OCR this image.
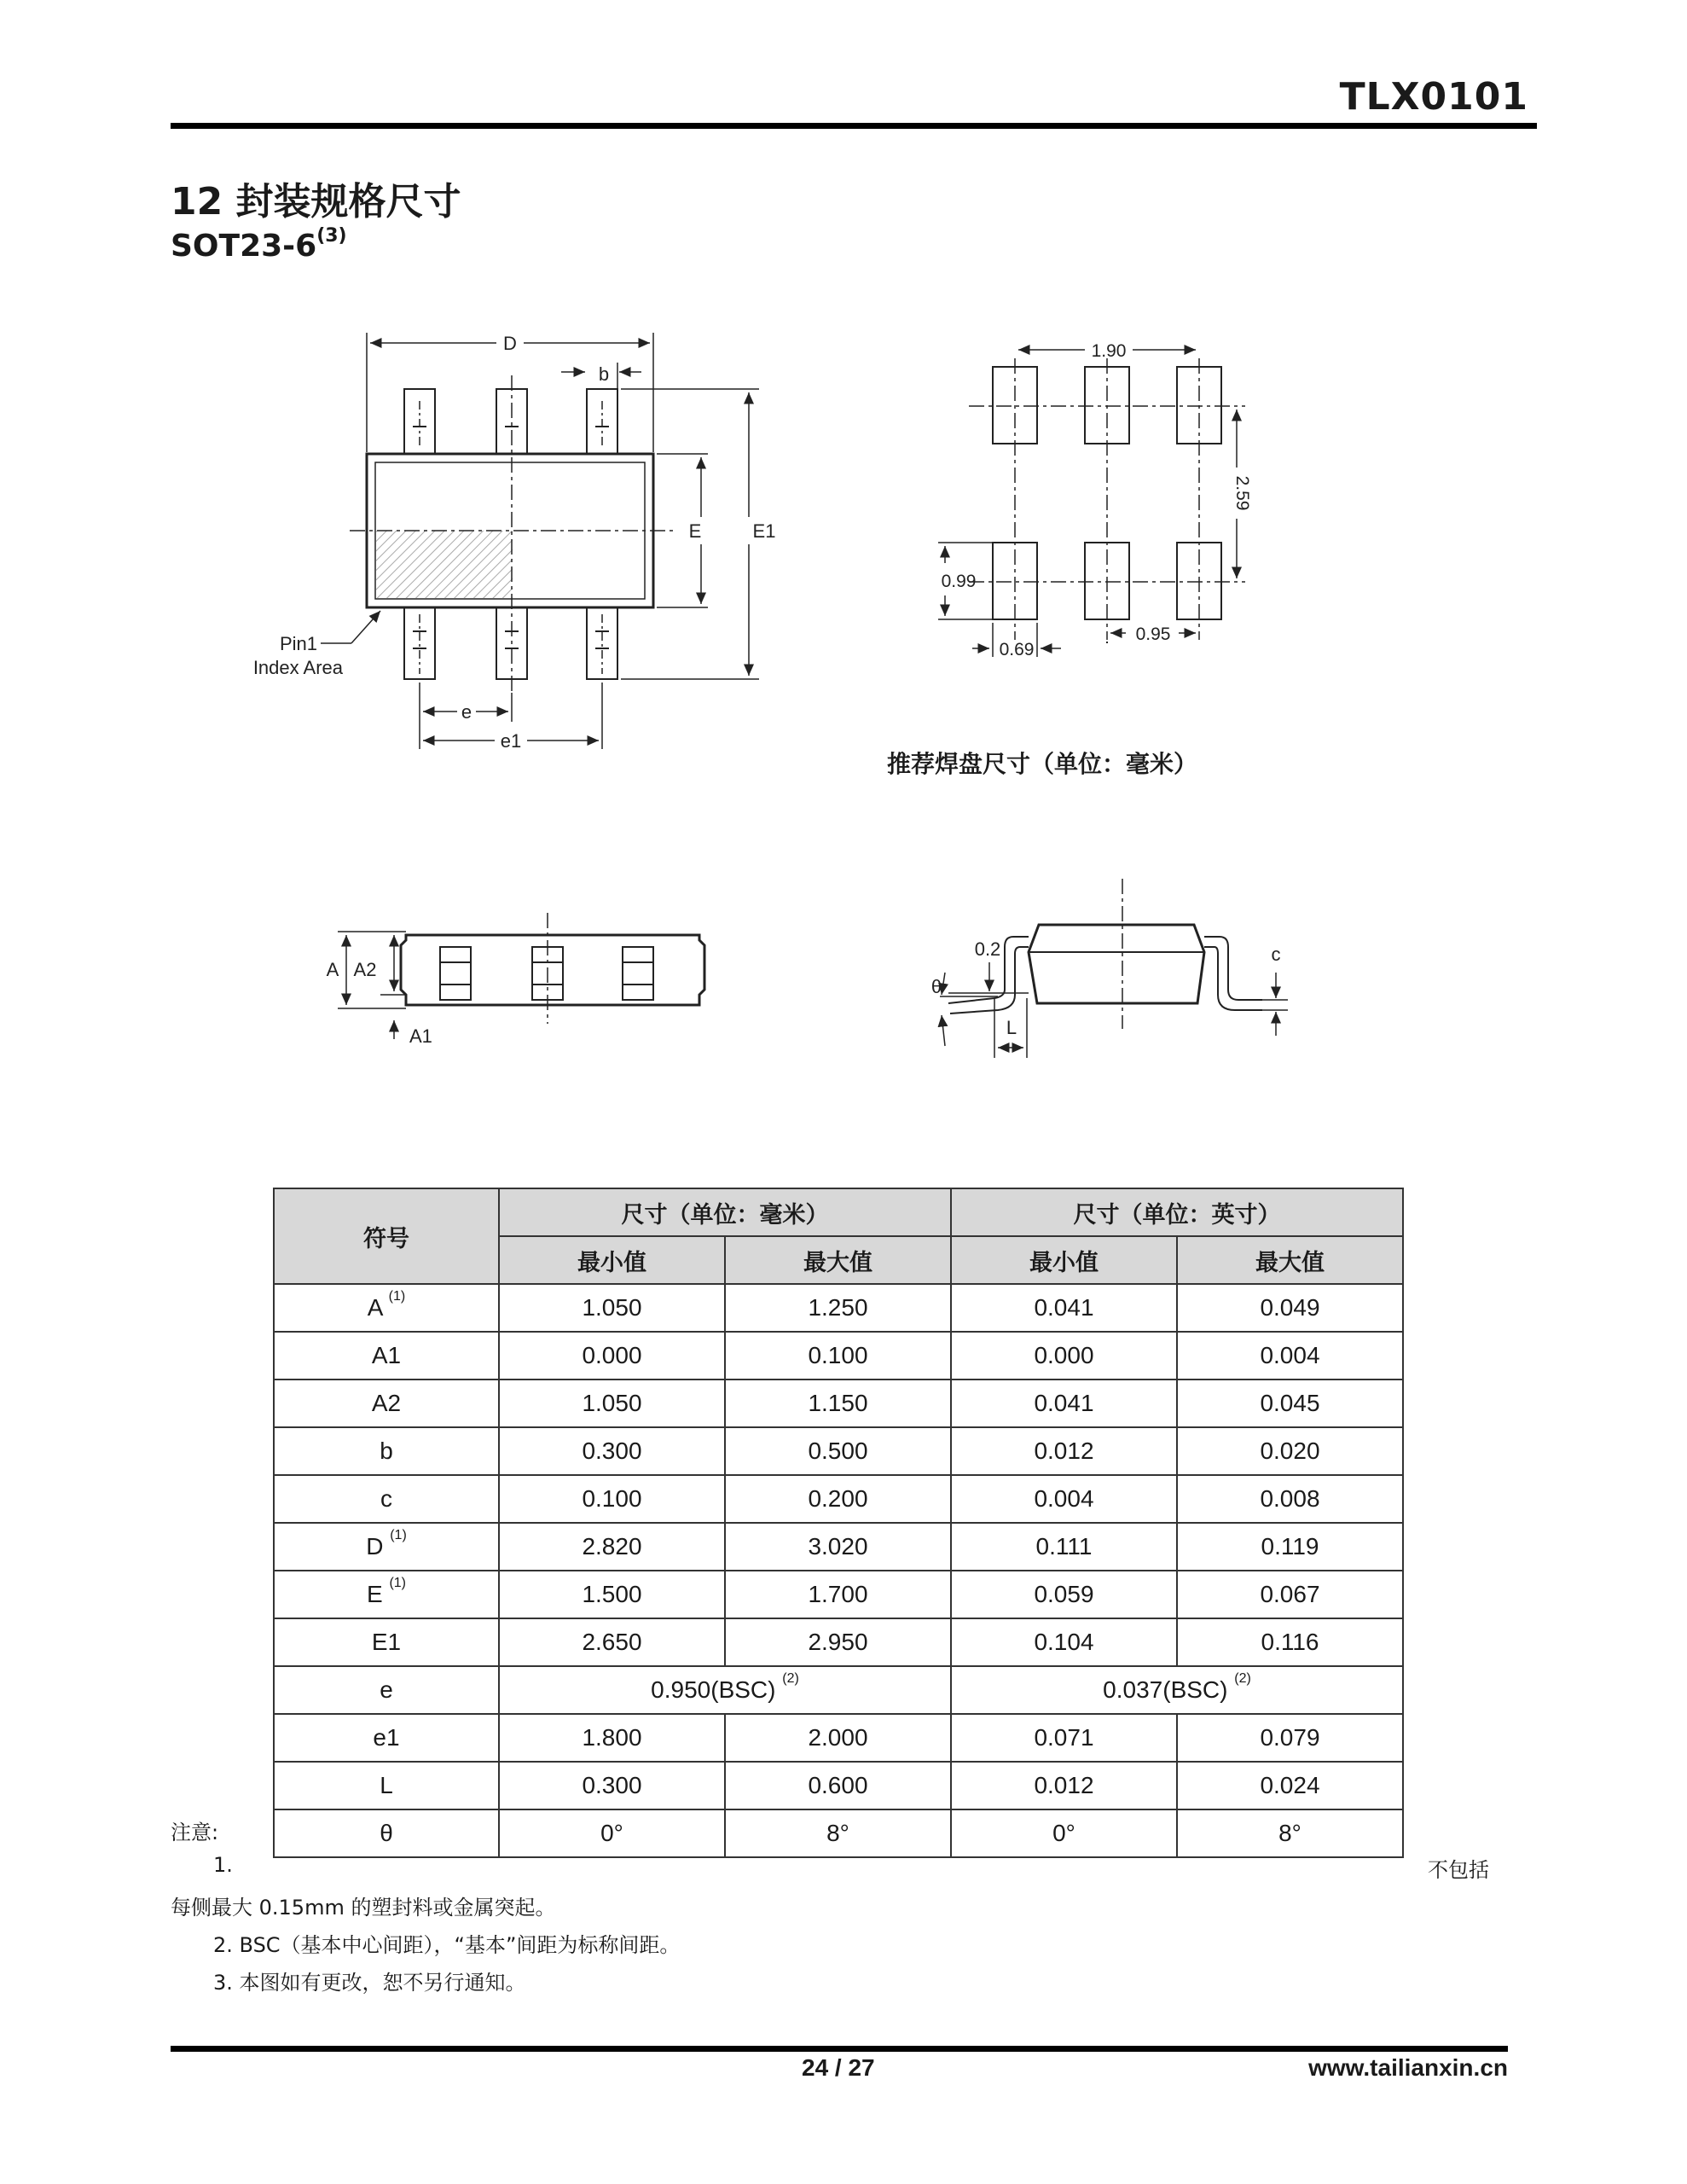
TLX0101
12 封装规格尺寸
SOT23-6$^{(3)}$
D
b
E	E1
e
e1
Pin1
Index Area
1.90
2.59
0.99
0.69
0.95
A A2
A1
0.2
θ
L
c
推荐焊盘尺寸（单位：毫米）
符号	尺寸（单位：毫米）		尺寸（单位：英寸）	
	最小值	最大值	最小值	最大值
A $^{(1)}$	1.050	1.250	0.041	0.049
A1	0.000	0.100	0.000	0.004
A2	1.050	1.150	0.041	0.045
b	0.300	0.500	0.012	0.020
c	0.100	0.200	0.004	0.008
D $^{(1)}$	2.820	3.020	0.111	0.119
E $^{(1)}$	1.500	1.700	0.059	0.067
E1	2.650	2.950	0.104	0.116
e	0.950(BSC) $^{(2)}$		0.037(BSC) $^{(2)}$
e1	1.800	2.000	0.071	0.079
L	0.300	0.600	0.012	0.024
θ	0°	8°	0°	8°
注意:
1.	不包括
每侧最大 0.15mm 的塑封料或金属突起。
2. BSC（基本中心间距），“基本”间距为标称间距。
3. 本图如有更改，恕不另行通知。
24 / 27	www.tailianxin.cn
